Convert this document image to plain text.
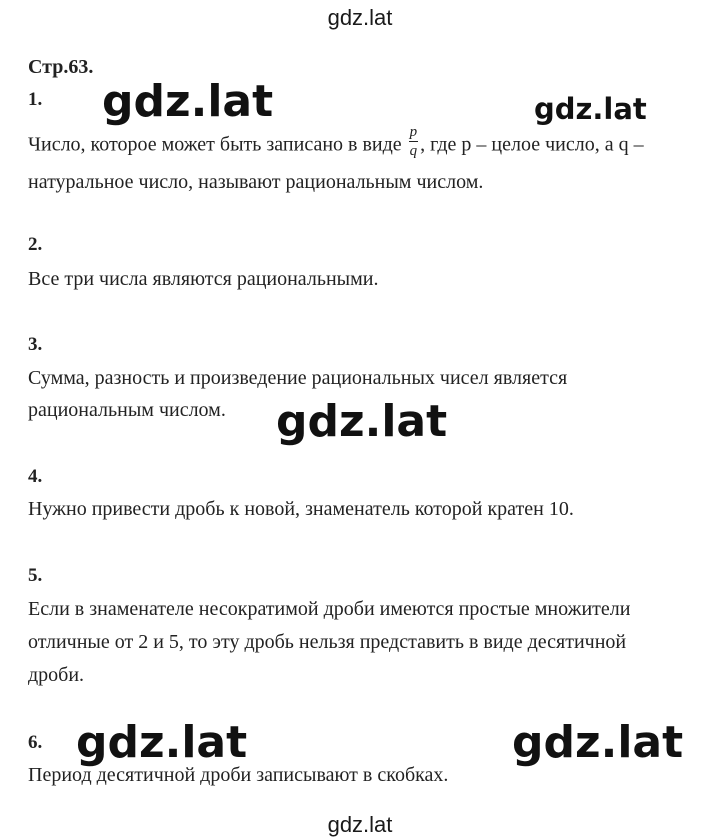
gdz.lat
Стр.63.
1.
Число, которое может быть записано в виде $\frac{p}{q}$ , где p – целое число, а q –
натуральное число, называют рациональным числом.
2.
Все три числа являются рациональными.
3.
Сумма, разность и произведение рациональных чисел является
рациональным числом.
4.
Нужно привести дробь к новой, знаменатель которой кратен 10.
5.
Если в знаменателе несократимой дроби имеются простые множители
отличные от 2 и 5, то эту дробь нельзя представить в виде десятичной
дроби.
6.
Период десятичной дроби записывают в скобках.
gdz.lat	gdz.lat
gdz.lat
gdz.lat	gdz.lat
gdz.lat
